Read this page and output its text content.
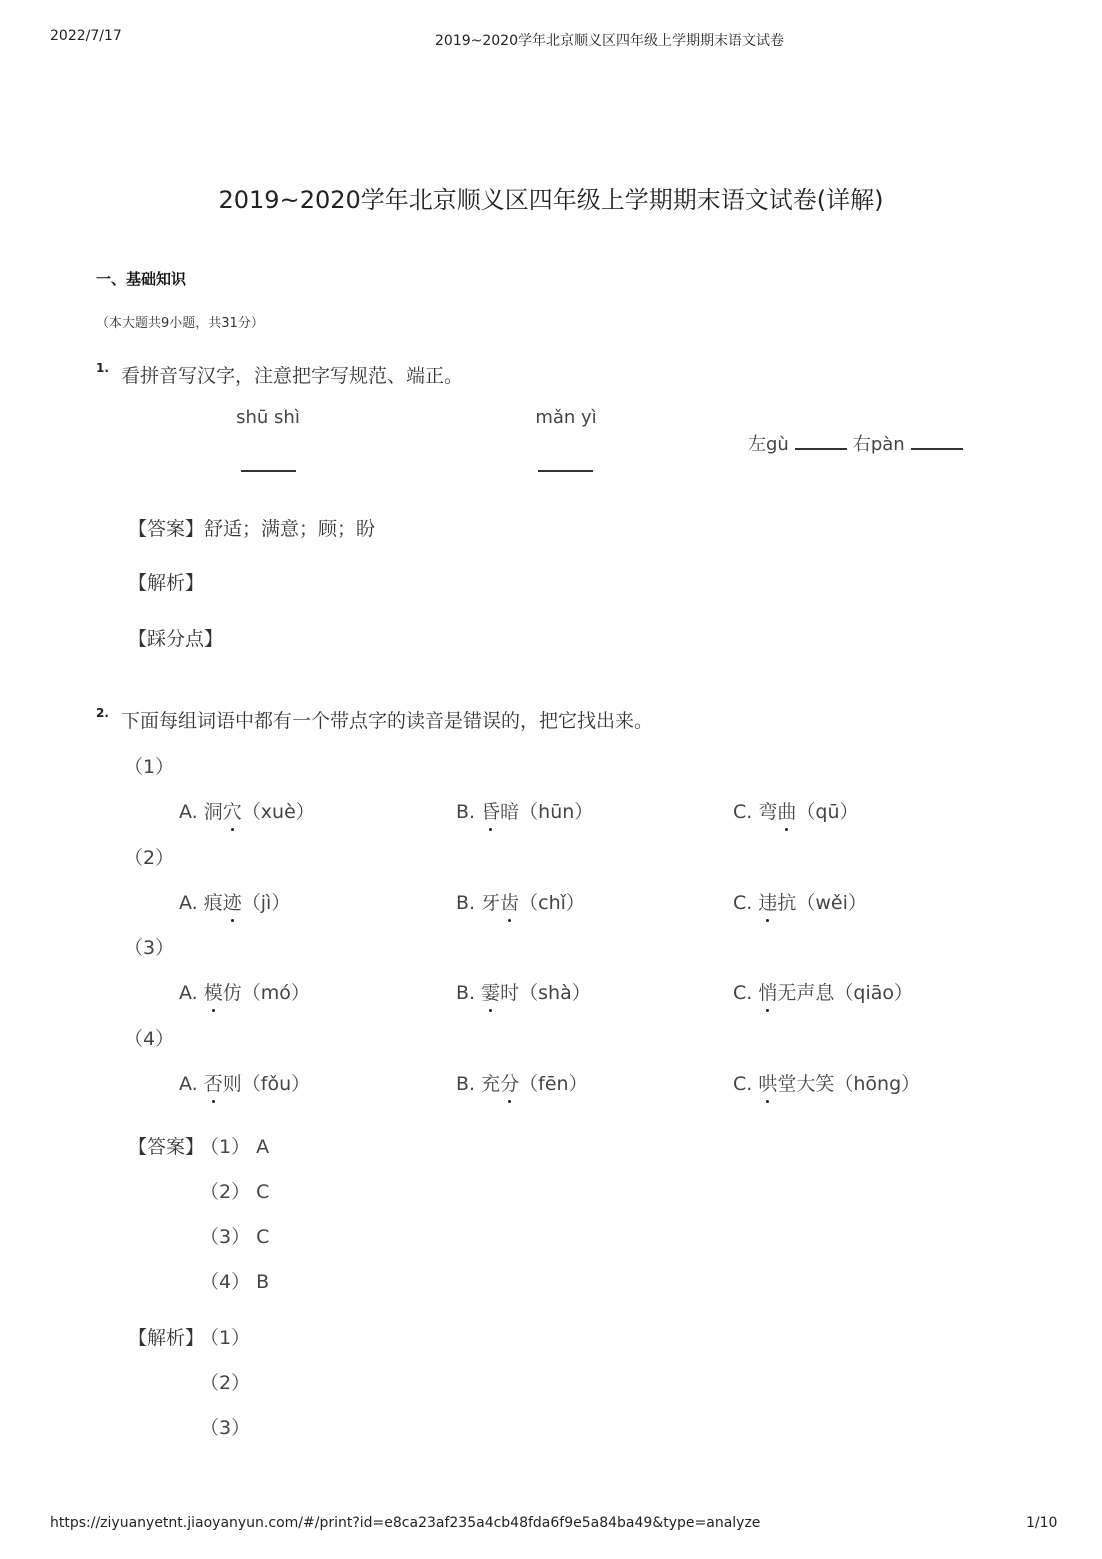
2022/7/17	2019~2020学年北京顺义区四年级上学期期末语文试卷
2019~2020学年北京顺义区四年级上学期期末语文试卷(详解)
一、基础知识
（本大题共9小题，共31分）
1. 看拼音写汉字，注意把字写规范、端正。
shū shì	mǎn yì
左gù	右pàn
【答案】舒适；满意；顾；盼
【解析】
【踩分点】
2. 下面每组词语中都有一个带点字的读音是错误的，把它找出来。
（1）
A. 洞穴（xuè）	B. 昏暗（hūn）	C. 弯曲（qū）
（2）
A. 痕迹（jì）	B. 牙齿（chǐ）	C. 违抗（wěi）
（3）
A. 模仿（mó）	B. 霎时（shà）	C. 悄无声息（qiāo）
（4）
A. 否则（fǒu）	B. 充分（fēn）	C. 哄堂大笑（hōng）
【答案】
（1） A
（2） C
（3） C
（4） B
【解析】
（1）
（2）
（3）
https://ziyuanyetnt.jiaoyanyun.com/#/print?id=e8ca23af235a4cb48fda6f9e5a84ba49&type=analyze	1/10
